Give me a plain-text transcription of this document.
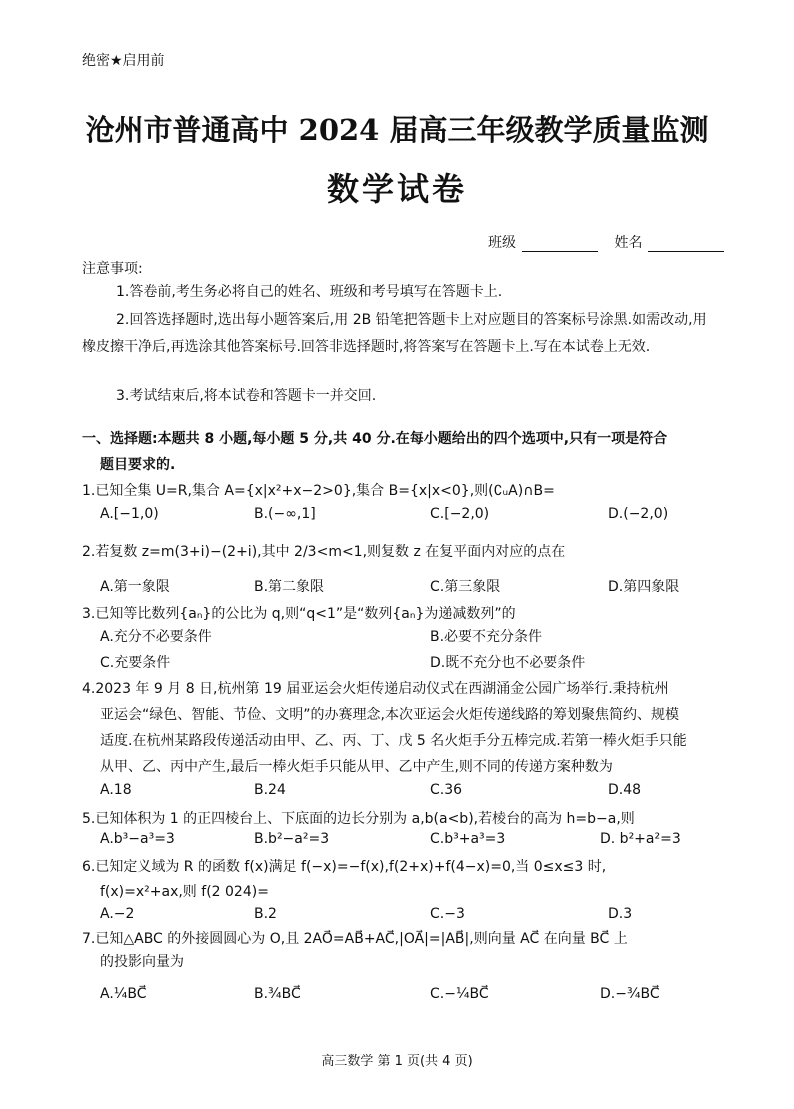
绝密★启用前
沧州市普通高中 2024 届高三年级教学质量监测
数学试卷
班级	姓名
注意事项:
1.答卷前,考生务必将自己的姓名、班级和考号填写在答题卡上.
2.回答选择题时,选出每小题答案后,用 2B 铅笔把答题卡上对应题目的答案标号涂黑.如需改动,用橡皮擦干净后,再选涂其他答案标号.回答非选择题时,将答案写在答题卡上.写在本试卷上无效.
3.考试结束后,将本试卷和答题卡一并交回.
一、选择题:本题共 8 小题,每小题 5 分,共 40 分.在每小题给出的四个选项中,只有一项是符合
题目要求的.
1.已知全集 U=R,集合 A={x|x²+x−2>0},集合 B={x|x<0},则(∁ᵤA)∩B=
A.[−1,0)	B.(−∞,1]	C.[−2,0)	D.(−2,0)
2.若复数 z=m(3+i)−(2+i),其中 2/3<m<1,则复数 z 在复平面内对应的点在
A.第一象限	B.第二象限	C.第三象限	D.第四象限
3.已知等比数列{aₙ}的公比为 q,则“q<1”是“数列{aₙ}为递减数列”的
A.充分不必要条件	B.必要不充分条件
C.充要条件	D.既不充分也不必要条件
4.2023 年 9 月 8 日,杭州第 19 届亚运会火炬传递启动仪式在西湖涌金公园广场举行.秉持杭州
亚运会“绿色、智能、节俭、文明”的办赛理念,本次亚运会火炬传递线路的筹划聚焦简约、规模
适度.在杭州某路段传递活动由甲、乙、丙、丁、戊 5 名火炬手分五棒完成.若第一棒火炬手只能
从甲、乙、丙中产生,最后一棒火炬手只能从甲、乙中产生,则不同的传递方案种数为
A.18	B.24	C.36	D.48
5.已知体积为 1 的正四棱台上、下底面的边长分别为 a,b(a<b),若棱台的高为 h=b−a,则
A.b³−a³=3	B.b²−a²=3	C.b³+a³=3	D. b²+a²=3
6.已知定义域为 R 的函数 f(x)满足 f(−x)=−f(x),f(2+x)+f(4−x)=0,当 0≤x≤3 时,
f(x)=x²+ax,则 f(2 024)=
A.−2	B.2	C.−3	D.3
7.已知△ABC 的外接圆圆心为 O,且 2AO⃗=AB⃗+AC⃗,|OA⃗|=|AB⃗|,则向量 AC⃗ 在向量 BC⃗ 上
的投影向量为
A.¼BC⃗	B.¾BC⃗	C.−¼BC⃗	D.−¾BC⃗
高三数学 第 1 页(共 4 页)
